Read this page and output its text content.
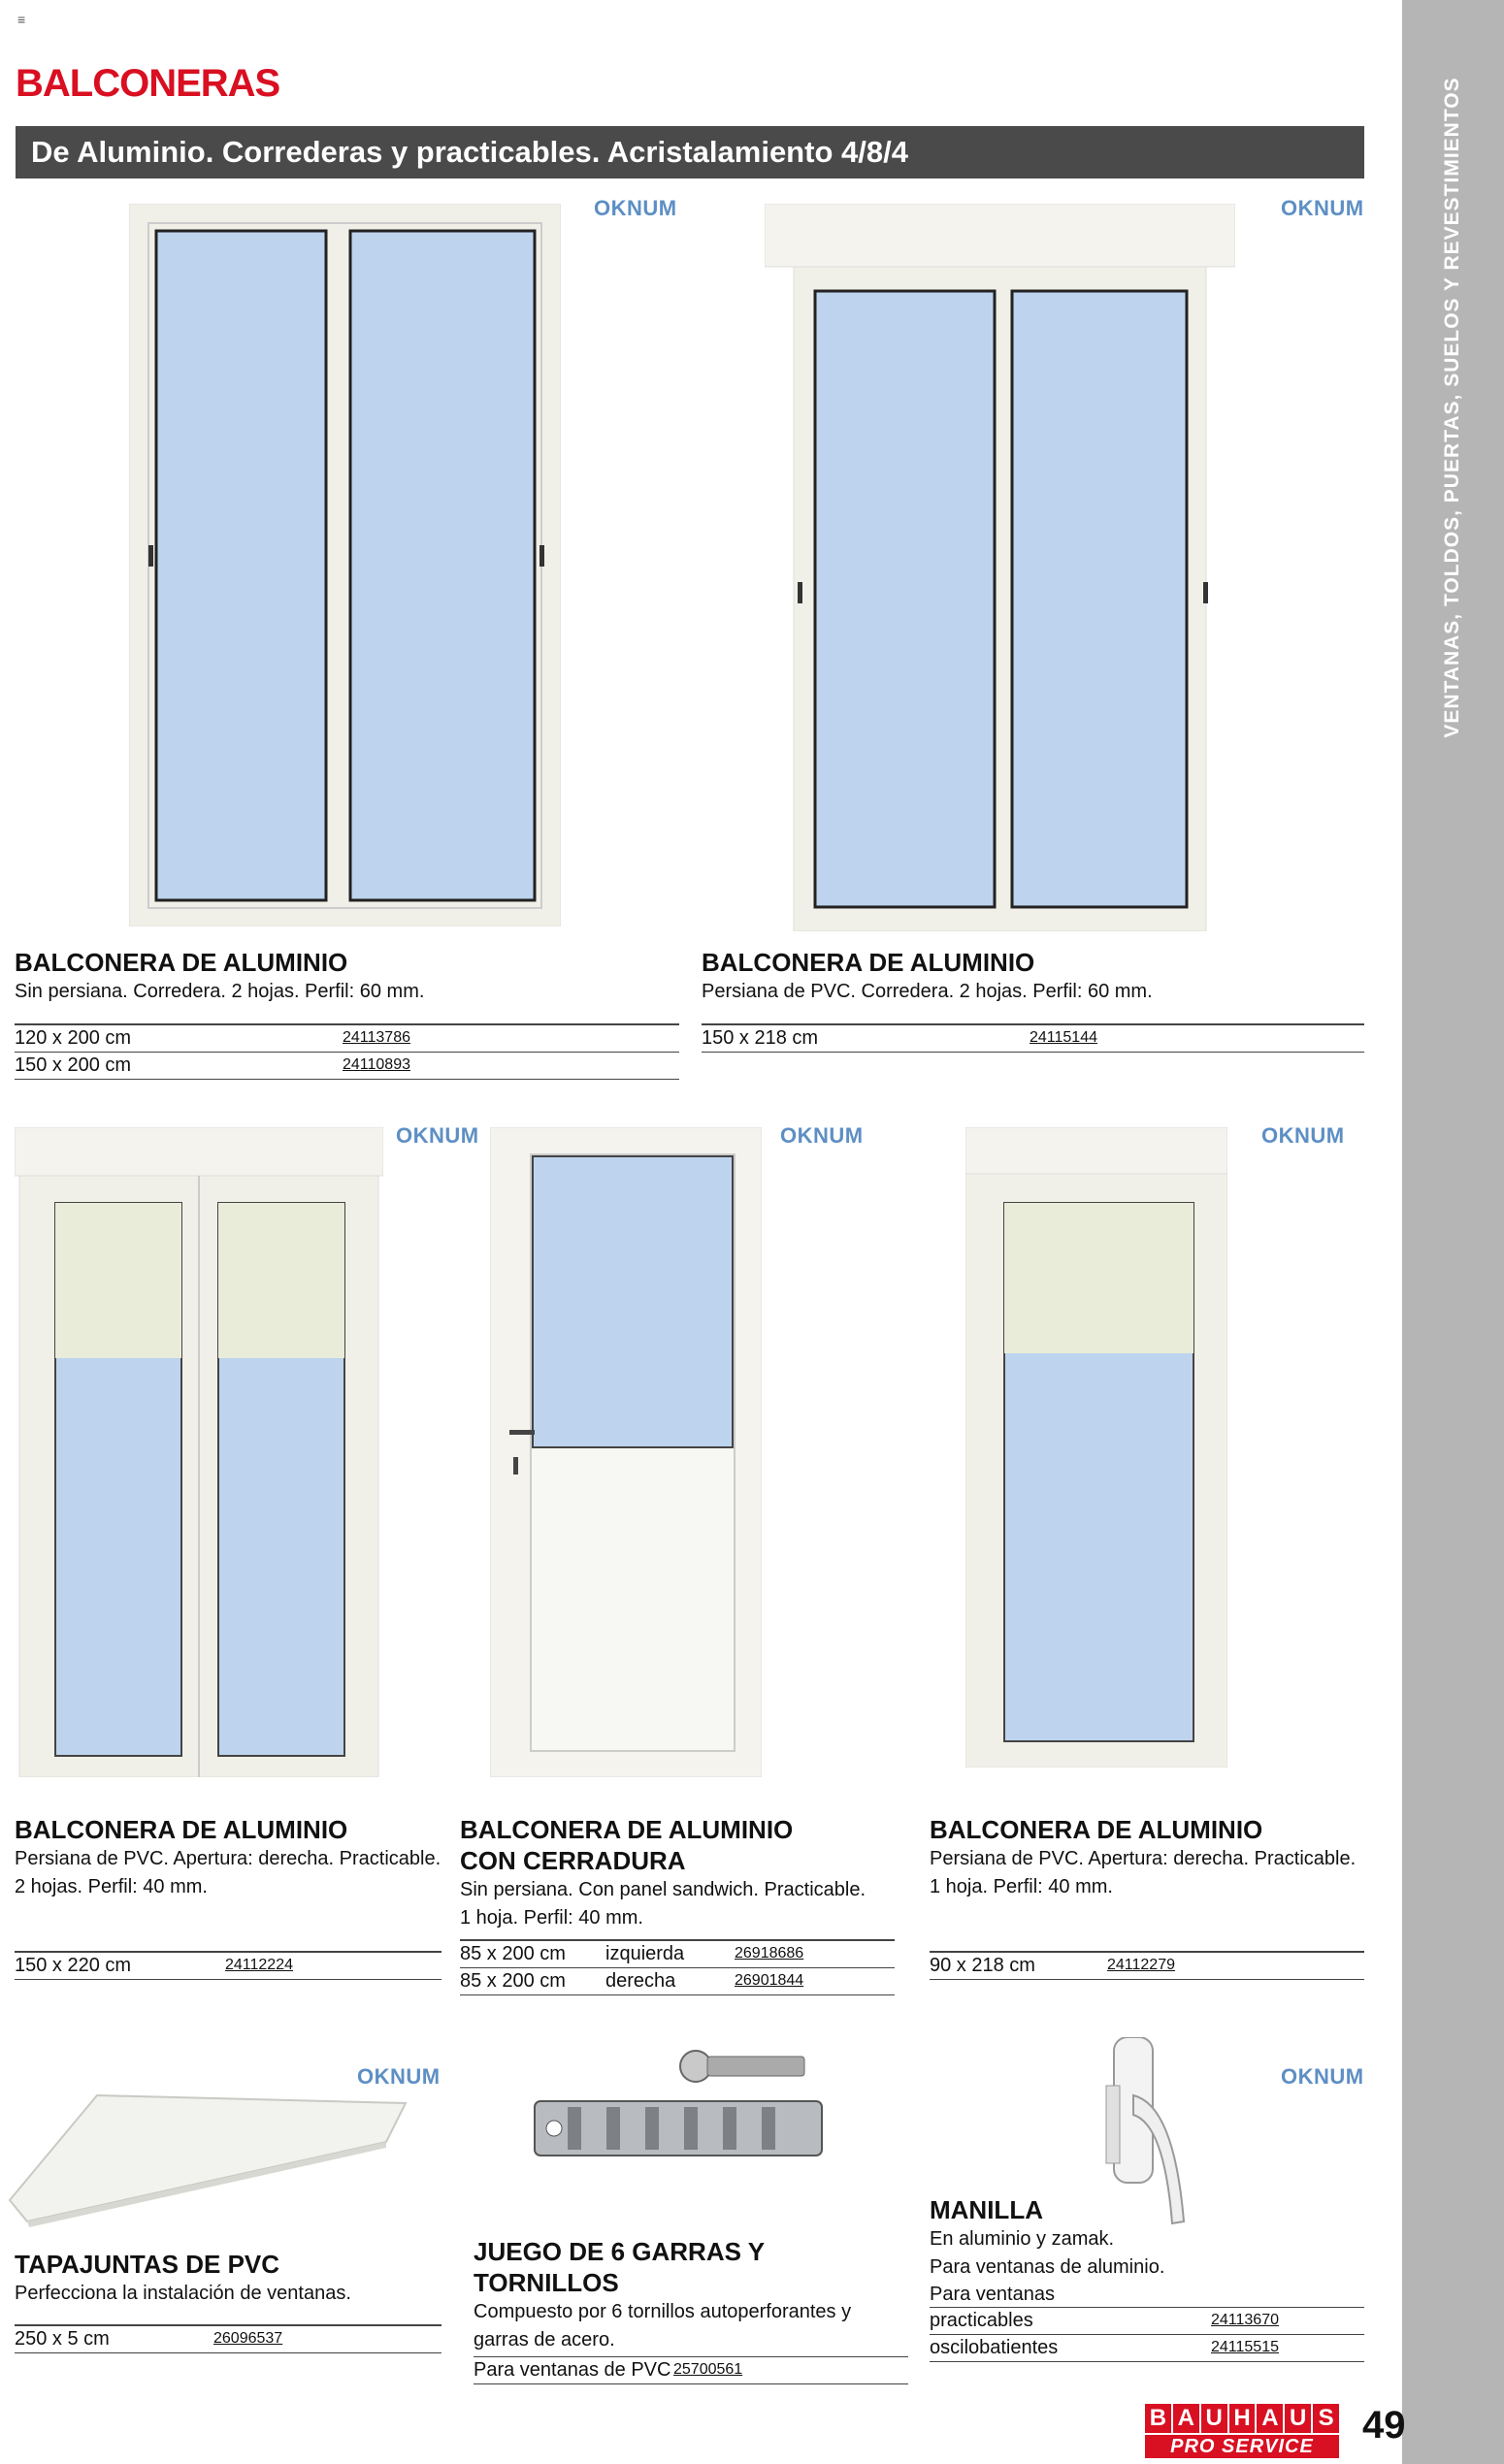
≡
VENTANAS, TOLDOS, PUERTAS, SUELOS Y REVESTIMIENTOS
BALCONERAS
De Aluminio. Correderas y practicables. Acristalamiento 4/8/4
OKNUM	OKNUM
BALCONERA DE ALUMINIO
Sin persiana. Corredera. 2 hojas. Perfil: 60 mm.
120 x 200 cm	24113786
150 x 200 cm	24110893
BALCONERA DE ALUMINIO
Persiana de PVC. Corredera. 2 hojas. Perfil: 60 mm.
150 x 218 cm	24115144
OKNUM	OKNUM	OKNUM
BALCONERA DE ALUMINIO
Persiana de PVC. Apertura: derecha. Practicable.
2 hojas. Perfil: 40 mm.
150 x 220 cm	24112224
BALCONERA DE ALUMINIO
CON CERRADURA
Sin persiana. Con panel sandwich. Practicable.
1 hoja. Perfil: 40 mm.
85 x 200 cm izquierda	26918686
85 x 200 cm derecha	26901844
BALCONERA DE ALUMINIO
Persiana de PVC. Apertura: derecha. Practicable.
1 hoja. Perfil: 40 mm.
90 x 218 cm	24112279
OKNUM	OKNUM
TAPAJUNTAS DE PVC
Perfecciona la instalación de ventanas.
250 x 5 cm	26096537
JUEGO DE 6 GARRAS Y TORNILLOS
Compuesto por 6 tornillos autoperforantes y
garras de acero.
Para ventanas de PVC 25700561
MANILLA
En aluminio y zamak.
Para ventanas de aluminio.
Para ventanas
practicables	24113670
oscilobatientes	24115515
B A U H A U S
PRO SERVICE	49
